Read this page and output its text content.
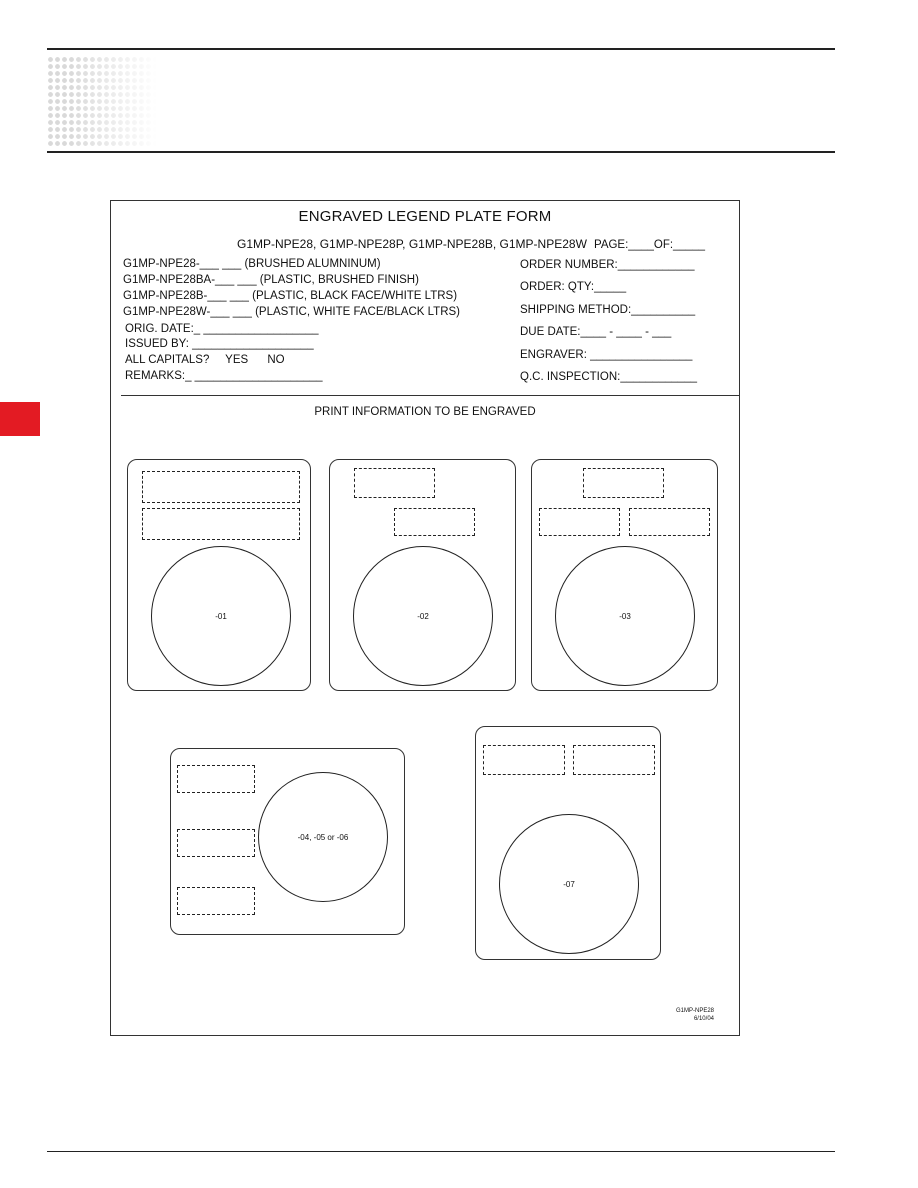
ENGRAVED LEGEND PLATE FORM
G1MP-NPE28, G1MP-NPE28P, G1MP-NPE28B, G1MP-NPE28W PAGE:____OF:_____
G1MP-NPE28-___ ___ (BRUSHED ALUMNINUM)
G1MP-NPE28BA-___ ___ (PLASTIC, BRUSHED FINISH)
G1MP-NPE28B-___ ___ (PLASTIC, BLACK FACE/WHITE LTRS)
G1MP-NPE28W-___ ___ (PLASTIC, WHITE FACE/BLACK LTRS)
ORIG. DATE:_ __________________
ISSUED BY: ___________________
ALL CAPITALS?     YES      NO
REMARKS:_ ____________________
ORDER NUMBER:____________
ORDER: QTY:_____
SHIPPING METHOD:__________
DUE DATE:____ - ____ - ___
ENGRAVER: ________________
Q.C. INSPECTION:____________
PRINT INFORMATION TO BE ENGRAVED
-01	-02	-03
-04, -05 or -06
-07
G1MP-NPE28
6/10/04
